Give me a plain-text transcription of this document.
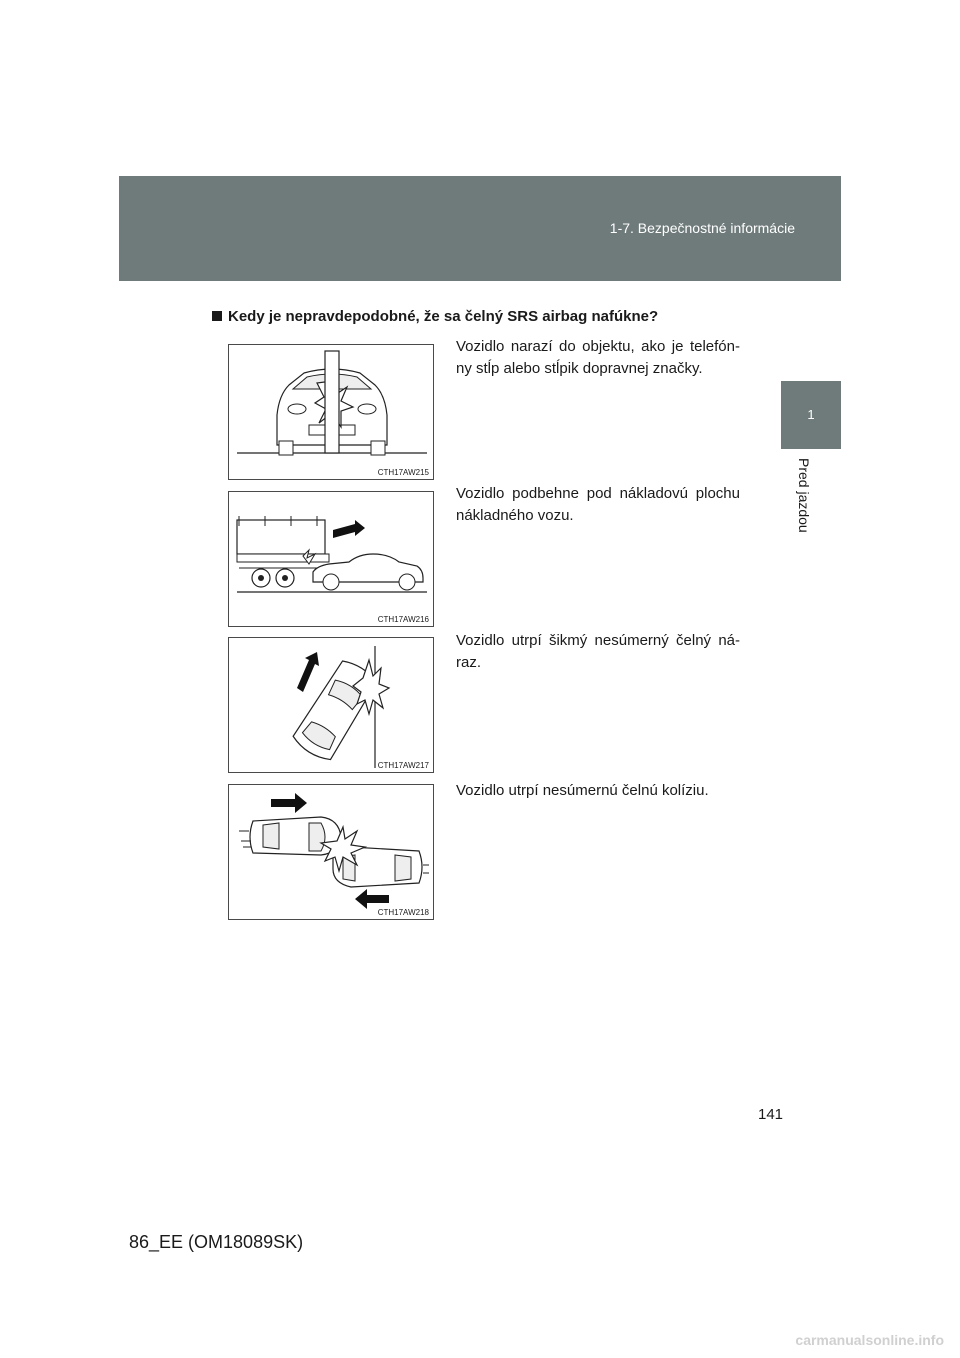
1-7. Bezpečnostné informácie
1
Pred jazdou
Kedy je nepravdepodobné, že sa čelný SRS airbag nafúkne?
CTH17AW215
Vozidlo narazí do objektu, ako je telefón-ny stĺp alebo stĺpik dopravnej značky.
CTH17AW216
Vozidlo podbehne pod nákladovú plochu nákladného vozu.
CTH17AW217
Vozidlo utrpí šikmý nesúmerný čelný ná-raz.
CTH17AW218
Vozidlo utrpí nesúmernú čelnú kolíziu.
141
86_EE (OM18089SK)
carmanualsonline.info
